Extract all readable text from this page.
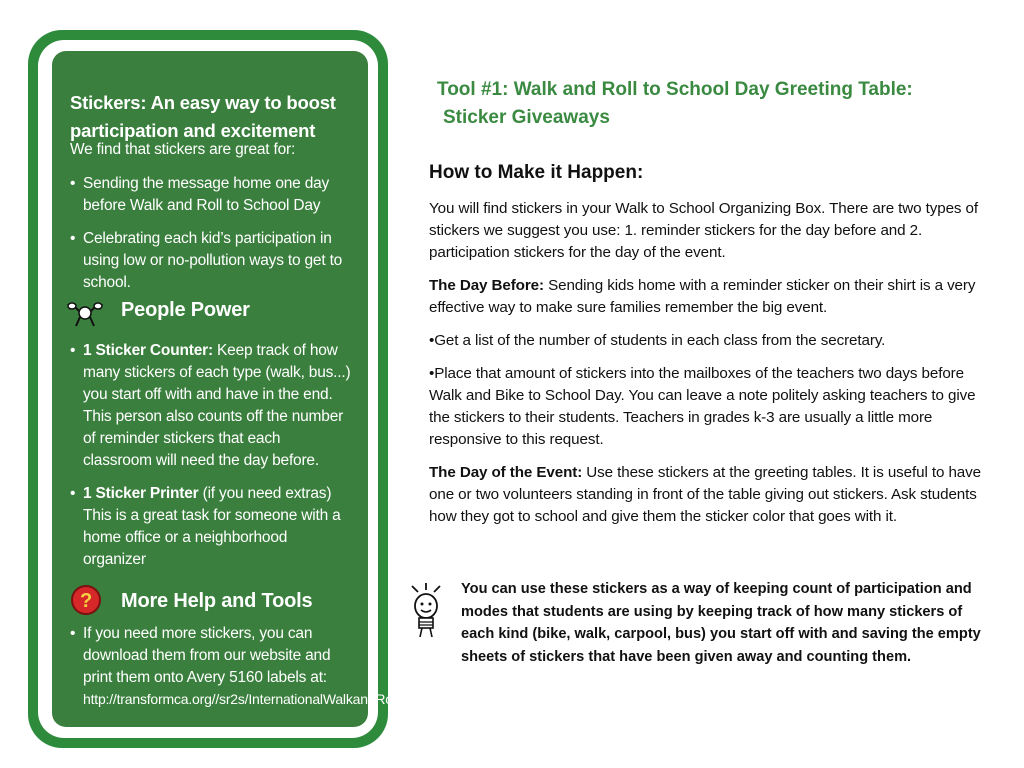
Stickers: An easy way to boost participation and excitement
We find that stickers are great for:
• Sending the message home one day before Walk and Roll to School Day
• Celebrating each kid’s participation in using low or no-pollution ways to get to school.
People Power
• 1 Sticker Counter: Keep track of how many stickers of each type (walk, bus...) you start off with and have in the end. This person also counts off the number of reminder stickers that each classroom will need the day before.
• 1 Sticker Printer (if you need extras) This is a great task for someone with a home office or a neighborhood organizer
? More Help and Tools
• If you need more stickers, you can download them from our website and print them onto Avery 5160 labels at:
http://transformca.org//sr2s/InternationalWalkandRolltoSchoolDay
Tool #1: Walk and Roll to School Day Greeting Table:
Sticker Giveaways
How to Make it Happen:

You will find stickers in your Walk to School Organizing Box. There are two types of stickers we suggest you use: 1. reminder stickers for the day before and 2. participation stickers for the day of the event.

The Day Before: Sending kids home with a reminder sticker on their shirt is a very effective way to make sure families remember the big event.

•Get a list of the number of students in each class from the secretary.

•Place that amount of stickers into the mailboxes of the teachers two days before Walk and Bike to School Day. You can leave a note politely asking teachers to give the stickers to their students. Teachers in grades k-3 are usually a little more responsive to this request.

The Day of the Event: Use these stickers at the greeting tables. It is useful to have one or two volunteers standing in front of the table giving out stickers. Ask students how they got to school and give them the sticker color that goes with it.

You can use these stickers as a way of keeping count of participation and modes that students are using by keeping track of how many stickers of each kind (bike, walk, carpool, bus) you start off with and saving the empty sheets of stickers that have been given away and counting them.
